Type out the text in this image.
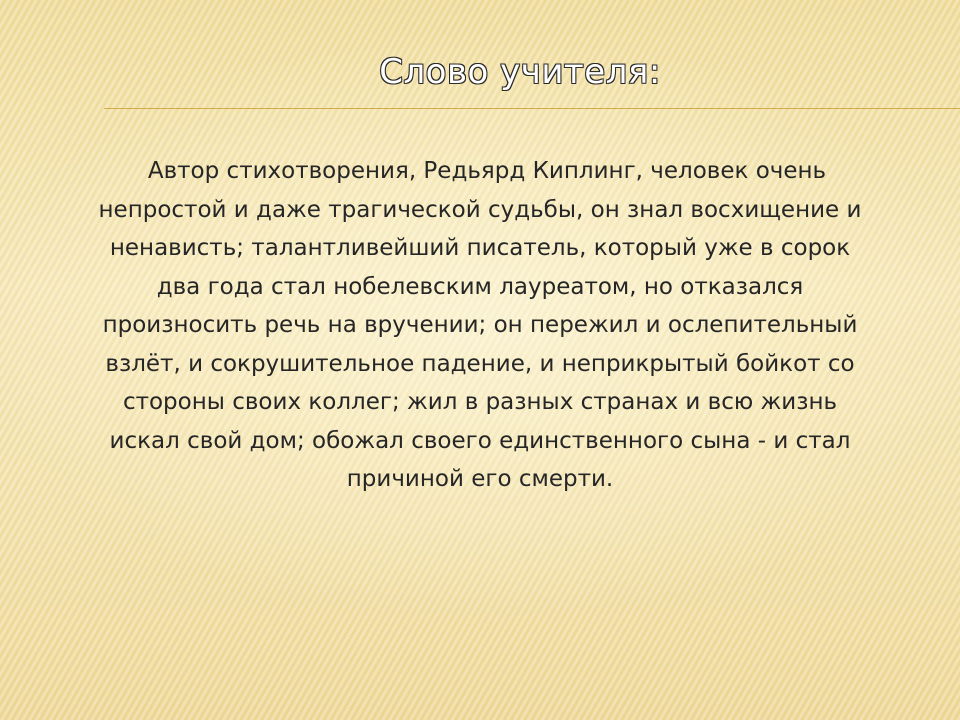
Слово учителя:
Автор стихотворения, Редьярд Киплинг, человек очень непростой и даже трагической судьбы, он знал восхищение и ненависть; талантливейший писатель, который уже в сорок два года стал нобелевским лауреатом, но отказался произносить речь на вручении; он пережил и ослепительный взлёт, и сокрушительное падение, и неприкрытый бойкот со стороны своих коллег; жил в разных странах и всю жизнь искал свой дом; обожал своего единственного сына - и стал причиной его смерти.
